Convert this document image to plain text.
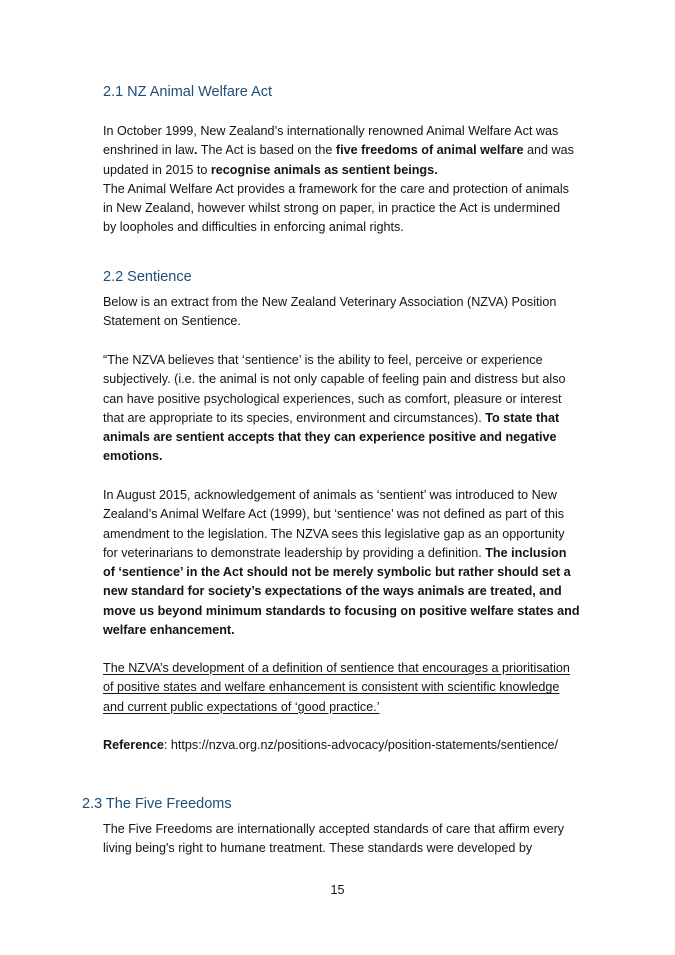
2.1 NZ Animal Welfare Act

In October 1999, New Zealand’s internationally renowned Animal Welfare Act was
enshrined in law. The Act is based on the five freedoms of animal welfare and was
updated in 2015 to recognise animals as sentient beings.
The Animal Welfare Act provides a framework for the care and protection of animals
in New Zealand, however whilst strong on paper, in practice the Act is undermined
by loopholes and difficulties in enforcing animal rights.

2.2 Sentience

Below is an extract from the New Zealand Veterinary Association (NZVA) Position
Statement on Sentience.

“The NZVA believes that ‘sentience’ is the ability to feel, perceive or experience
subjectively. (i.e. the animal is not only capable of feeling pain and distress but also
can have positive psychological experiences, such as comfort, pleasure or interest
that are appropriate to its species, environment and circumstances). To state that
animals are sentient accepts that they can experience positive and negative
emotions.

In August 2015, acknowledgement of animals as ‘sentient’ was introduced to New
Zealand’s Animal Welfare Act (1999), but ‘sentience’ was not defined as part of this
amendment to the legislation. The NZVA sees this legislative gap as an opportunity
for veterinarians to demonstrate leadership by providing a definition. The inclusion
of ‘sentience’ in the Act should not be merely symbolic but rather should set a
new standard for society’s expectations of the ways animals are treated, and
move us beyond minimum standards to focusing on positive welfare states and
welfare enhancement.

The NZVA’s development of a definition of sentience that encourages a prioritisation
of positive states and welfare enhancement is consistent with scientific knowledge
and current public expectations of ‘good practice.’

Reference: https://nzva.org.nz/positions-advocacy/position-statements/sentience/

2.3 The Five Freedoms

The Five Freedoms are internationally accepted standards of care that affirm every
living being's right to humane treatment. These standards were developed by

15
